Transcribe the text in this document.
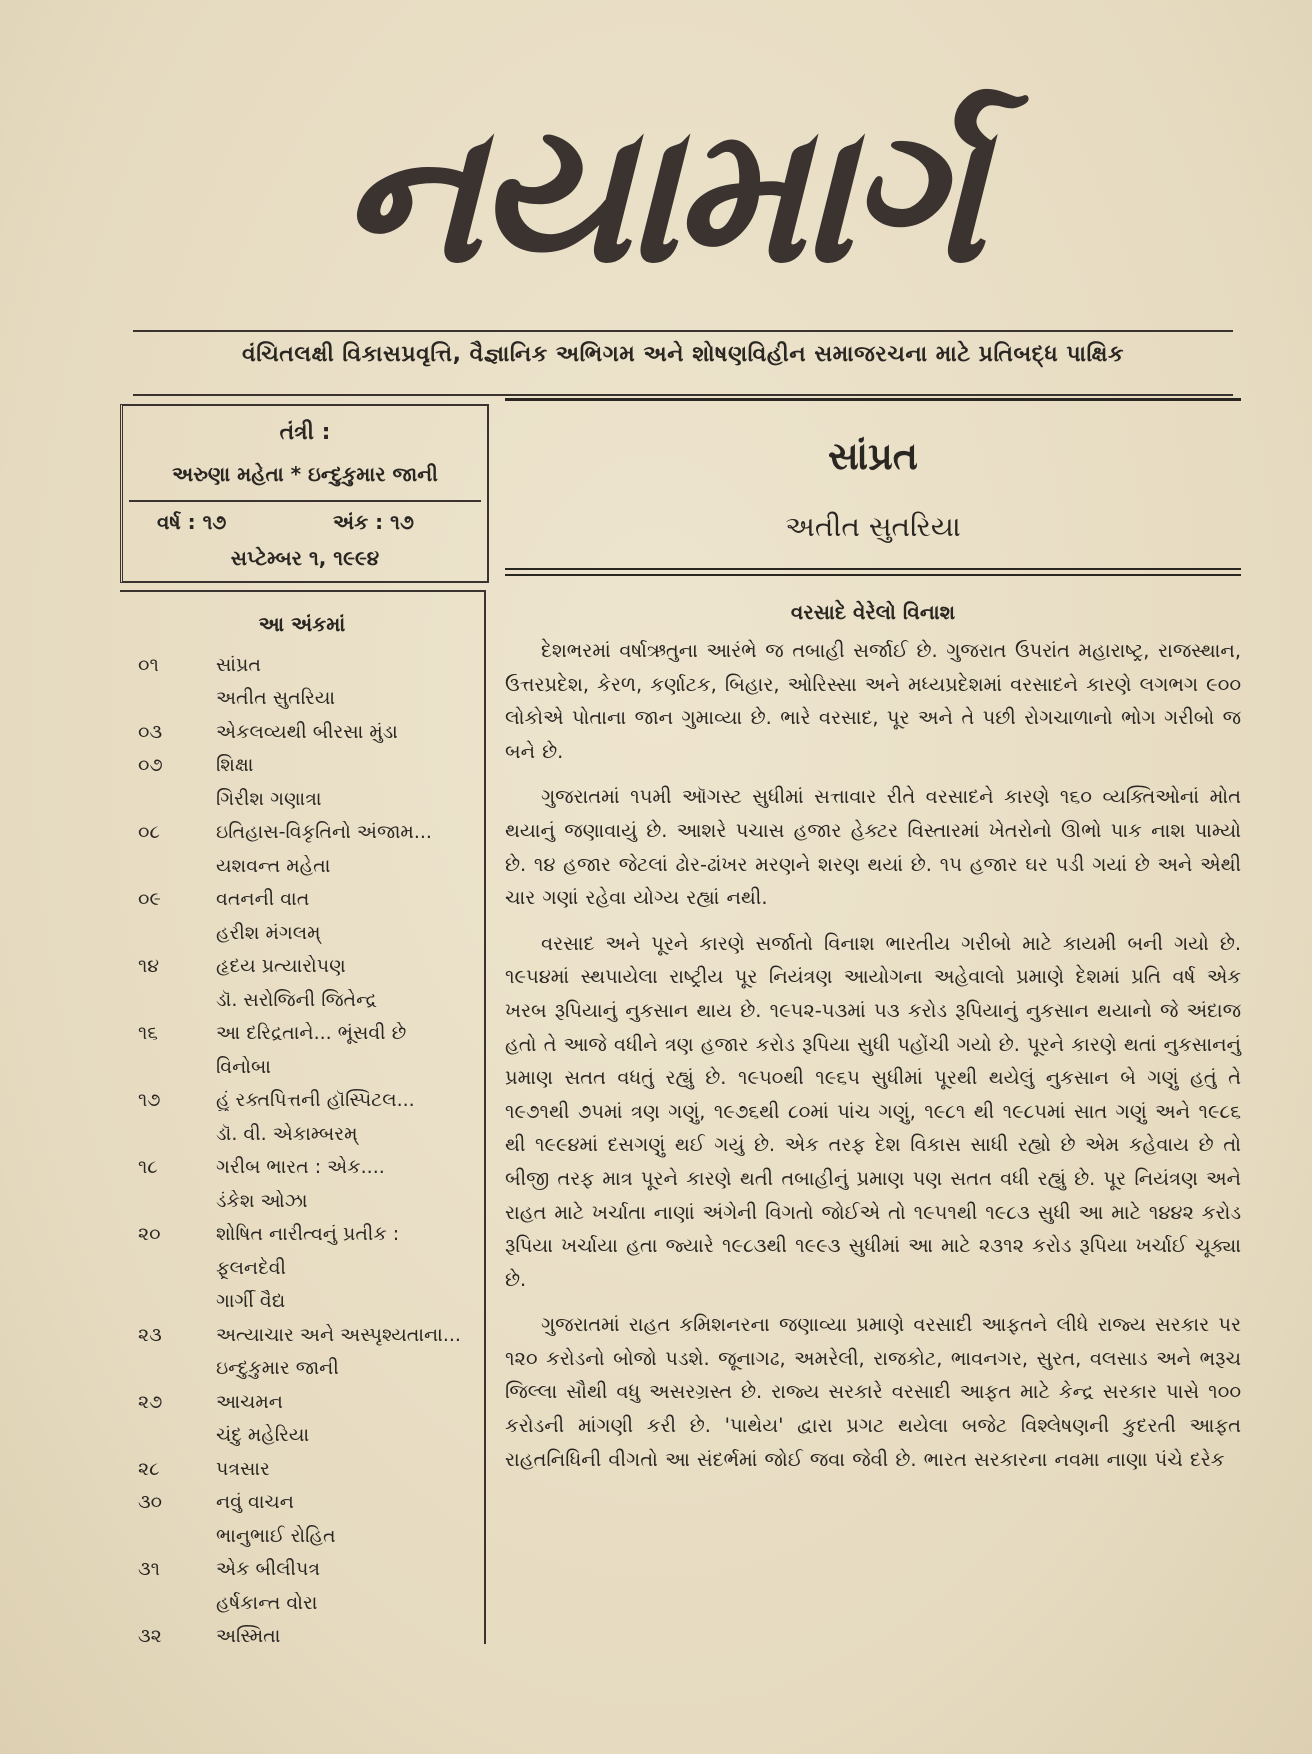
નયામાર્ગ
વંચિતલક્ષી વિકાસપ્રવૃત્તિ, વૈજ્ઞાનિક અભિગમ અને શોષણવિહીન સમાજરચના માટે પ્રતિબદ્ધ પાક્ષિક
તંત્રી :
અરુણા મહેતા * ઇન્દુકુમાર જાની
વર્ષ : ૧૭	અંક : ૧૭
સપ્ટેમ્બર ૧, ૧૯૯૪
આ અંકમાં
૦૧	સાંપ્રત
અતીત સુતરિયા
૦૩	એકલવ્યથી બીરસા મુંડા
૦૭	શિક્ષા
ગિરીશ ગણાત્રા
૦૮	ઇતિહાસ-વિકૃતિનો અંજામ...
યશવન્ત મહેતા
૦૯	વતનની વાત
હરીશ મંગલમ્
૧૪	હૃદય પ્રત્યારોપણ
ડૉ. સરોજિની જિતેન્દ્ર
૧૬	આ દરિદ્રતાને... ભૂંસવી છે
વિનોબા
૧૭	હું રક્તપિત્તની હૉસ્પિટલ...
ડૉ. વી. એકામ્બરમ્
૧૮	ગરીબ ભારત : એક....
ડંકેશ ઓઝા
૨૦	શોષિત નારીત્વનું પ્રતીક :
ફૂલનદેવી
ગાર્ગી વૈદ્ય
૨૩	અત્યાચાર અને અસ્પૃશ્યતાના...
ઇન્દુકુમાર જાની
૨૭	આચમન
ચંદુ મહેરિયા
૨૮	પત્રસાર
૩૦	નવું વાચન
ભાનુભાઈ રોહિત
૩૧	એક બીલીપત્ર
હર્ષકાન્ત વોરા
૩૨	અસ્મિતા
સાંપ્રત
અતીત સુતરિયા
વરસાદે વેરેલો વિનાશ

દેશભરમાં વર્ષાઋતુના આરંભે જ તબાહી સર્જાઈ છે. ગુજરાત ઉપરાંત મહારાષ્ટ્ર, રાજસ્થાન, ઉત્તરપ્રદેશ, કેરળ, કર્ણાટક, બિહાર, ઓરિસ્સા અને મધ્યપ્રદેશમાં વરસાદને કારણે લગભગ ૯૦૦ લોકોએ પોતાના જાન ગુમાવ્યા છે. ભારે વરસાદ, પૂર અને તે પછી રોગચાળાનો ભોગ ગરીબો જ બને છે.

ગુજરાતમાં ૧૫મી ઑગસ્ટ સુધીમાં સત્તાવાર રીતે વરસાદને કારણે ૧૬૦ વ્યક્તિઓનાં મોત થયાનું જણાવાયું છે. આશરે પચાસ હજાર હેક્ટર વિસ્તારમાં ખેતરોનો ઊભો પાક નાશ પામ્યો છે. ૧૪ હજાર જેટલાં ઢોર-ઢાંખર મરણને શરણ થયાં છે. ૧૫ હજાર ઘર પડી ગયાં છે અને એથી ચાર ગણાં રહેવા યોગ્ય રહ્યાં નથી.

વરસાદ અને પૂરને કારણે સર્જાતો વિનાશ ભારતીય ગરીબો માટે કાયમી બની ગયો છે. ૧૯૫૪માં સ્થપાયેલા રાષ્ટ્રીય પૂર નિયંત્રણ આયોગના અહેવાલો પ્રમાણે દેશમાં પ્રતિ વર્ષ એક ખરબ રૂપિયાનું નુકસાન થાય છે. ૧૯૫૨-૫૩માં ૫૩ કરોડ રૂપિયાનું નુકસાન થયાનો જે અંદાજ હતો તે આજે વધીને ત્રણ હજાર કરોડ રૂપિયા સુધી પહોંચી ગયો છે. પૂરને કારણે થતાં નુકસાનનું પ્રમાણ સતત વધતું રહ્યું છે. ૧૯૫૦થી ૧૯૬૫ સુધીમાં પૂરથી થયેલું નુકસાન બે ગણું હતું તે ૧૯૭૧થી ૭૫માં ત્રણ ગણું, ૧૯૭૬થી ૮૦માં પાંચ ગણું, ૧૯૮૧ થી ૧૯૮૫માં સાત ગણું અને ૧૯૮૬ થી ૧૯૯૪માં દસગણું થઈ ગયું છે. એક તરફ દેશ વિકાસ સાધી રહ્યો છે એમ કહેવાય છે તો બીજી તરફ માત્ર પૂરને કારણે થતી તબાહીનું પ્રમાણ પણ સતત વધી રહ્યું છે. પૂર નિયંત્રણ અને રાહત માટે ખર્ચાતા નાણાં અંગેની વિગતો જોઈએ તો ૧૯૫૧થી ૧૯૮૩ સુધી આ માટે ૧૪૪૨ કરોડ રૂપિયા ખર્ચાયા હતા જ્યારે ૧૯૮૩થી ૧૯૯૩ સુધીમાં આ માટે ૨૩૧૨ કરોડ રૂપિયા ખર્ચાઈ ચૂક્યા છે.

ગુજરાતમાં રાહત કમિશનરના જણાવ્યા પ્રમાણે વરસાદી આફતને લીધે રાજ્ય સરકાર પર ૧૨૦ કરોડનો બોજો પડશે. જૂનાગઢ, અમરેલી, રાજકોટ, ભાવનગર, સુરત, વલસાડ અને ભરૂચ જિલ્લા સૌથી વધુ અસરગ્રસ્ત છે. રાજ્ય સરકારે વરસાદી આફત માટે કેન્દ્ર સરકાર પાસે ૧૦૦ કરોડની માંગણી કરી છે. 'પાથેય' દ્વારા પ્રગટ થયેલા બજેટ વિશ્લેષણની કુદરતી આફત રાહતનિધિની વીગતો આ સંદર્ભમાં જોઈ જવા જેવી છે. ભારત સરકારના નવમા નાણા પંચે દરેક
